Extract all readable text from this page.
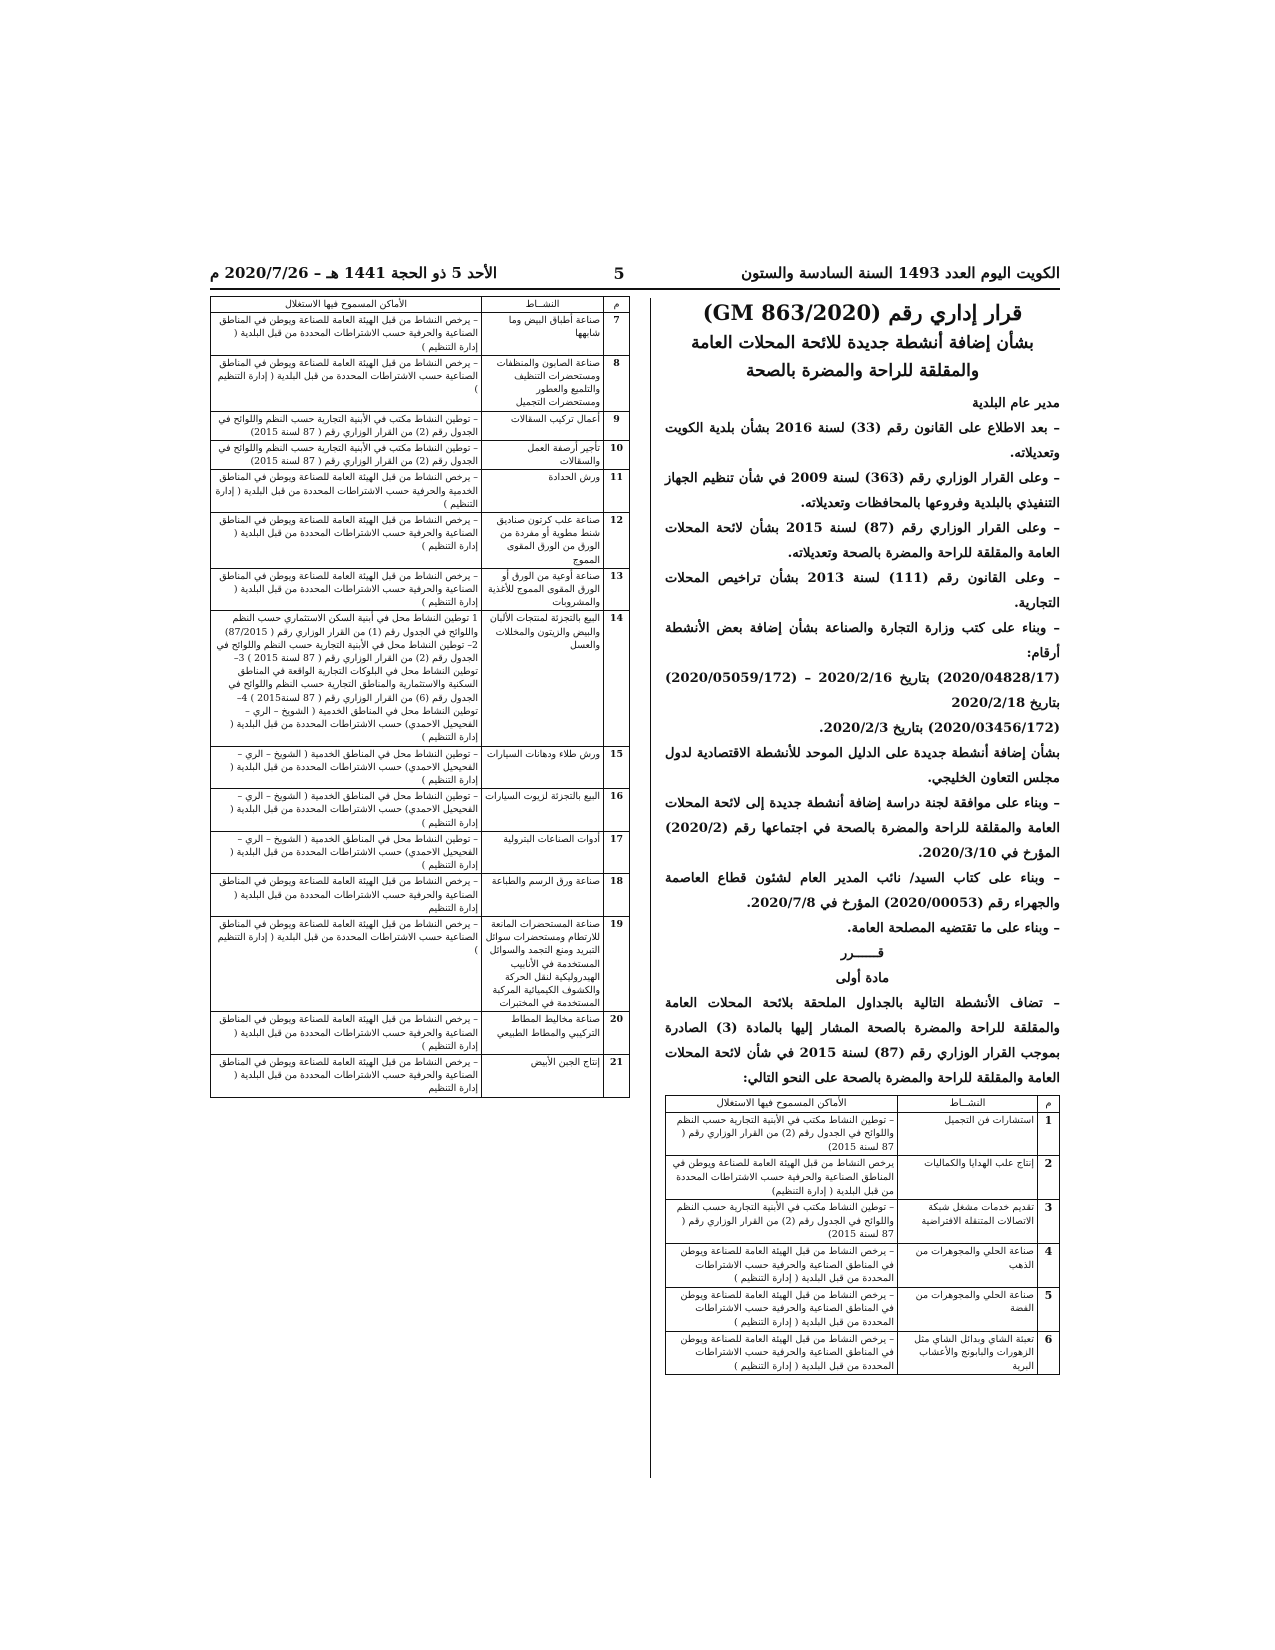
الكويت اليوم العدد 1493 السنة السادسة والستون
5
الأحد 5 ذو الحجة 1441 هـ – 2020/7/26 م
قرار إداري رقم (GM 863/2020)
بشأن إضافة أنشطة جديدة للائحة المحلات العامة
والمقلقة للراحة والمضرة بالصحة

مدير عام البلدية

– بعد الاطلاع على القانون رقم (33) لسنة 2016 بشأن بلدية الكويت وتعديلاته.

– وعلى القرار الوزاري رقم (363) لسنة 2009 في شأن تنظيم الجهاز التنفيذي بالبلدية وفروعها بالمحافظات وتعديلاته.

– وعلى القرار الوزاري رقم (87) لسنة 2015 بشأن لائحة المحلات العامة والمقلقة للراحة والمضرة بالصحة وتعديلاته.

– وعلى القانون رقم (111) لسنة 2013 بشأن تراخيص المحلات التجارية.

– وبناء على كتب وزارة التجارة والصناعة بشأن إضافة بعض الأنشطة أرقام:

(2020/04828/17) بتاريخ 2020/2/16 – (2020/05059/172) بتاريخ 2020/2/18

(2020/03456/172) بتاريخ 2020/2/3.

بشأن إضافة أنشطة جديدة على الدليل الموحد للأنشطة الاقتصادية لدول مجلس التعاون الخليجي.

– وبناء على موافقة لجنة دراسة إضافة أنشطة جديدة إلى لائحة المحلات العامة والمقلقة للراحة والمضرة بالصحة في اجتماعها رقم (2020/2) المؤرخ في 2020/3/10.

– وبناء على كتاب السيد/ نائب المدير العام لشئون قطاع العاصمة والجهراء رقم (2020/00053) المؤرخ في 2020/7/8.

– وبناء على ما تقتضيه المصلحة العامة.

قــــــرر

مادة أولى

– تضاف الأنشطة التالية بالجداول الملحقة بلائحة المحلات العامة والمقلقة للراحة والمضرة بالصحة المشار إليها بالمادة (3) الصادرة بموجب القرار الوزاري رقم (87) لسنة 2015 في شأن لائحة المحلات العامة والمقلقة للراحة والمضرة بالصحة على النحو التالي:

م	النشــاط	الأماكن المسموح فيها الاستغلال
1	استشارات فن التجميل	– توطين النشاط مكتب في الأبنية التجارية حسب النظم واللوائح في الجدول رقم (2) من القرار الوزاري رقم ( 87 لسنة 2015)
2	إنتاج علب الهدايا والكماليات	يرخص النشاط من قبل الهيئة العامة للصناعة ويوطن في المناطق الصناعية والحرفية حسب الاشتراطات المحددة من قبل البلدية ( إدارة التنظيم)
3	تقديم خدمات مشغل شبكة الاتصالات المتنقلة الافتراضية	– توطين النشاط مكتب في الأبنية التجارية حسب النظم واللوائح في الجدول رقم (2) من القرار الوزاري رقم ( 87 لسنة 2015)
4	صناعة الحلي والمجوهرات من الذهب	– يرخص النشاط من قبل الهيئة العامة للصناعة ويوطن في المناطق الصناعية والحرفية حسب الاشتراطات المحددة من قبل البلدية ( إدارة التنظيم )
5	صناعة الحلي والمجوهرات من الفضة	– يرخص النشاط من قبل الهيئة العامة للصناعة ويوطن في المناطق الصناعية والحرفية حسب الاشتراطات المحددة من قبل البلدية ( إدارة التنظيم )
6	تعبئة الشاي وبدائل الشاي مثل الزهورات والبابونج والأعشاب البرية	– يرخص النشاط من قبل الهيئة العامة للصناعة ويوطن في المناطق الصناعية والحرفية حسب الاشتراطات المحددة من قبل البلدية ( إدارة التنظيم )
م	النشــاط	الأماكن المسموح فيها الاستغلال
7	صناعة أطباق البيض وما شابهها	– يرخص النشاط من قبل الهيئة العامة للصناعة ويوطن في المناطق الصناعية والحرفية حسب الاشتراطات المحددة من قبل البلدية ( إدارة التنظيم )
8	صناعة الصابون والمنظفات ومستحضرات التنظيف والتلميع والعطور ومستحضرات التجميل	– يرخص النشاط من قبل الهيئة العامة للصناعة ويوطن في المناطق الصناعية حسب الاشتراطات المحددة من قبل البلدية ( إدارة التنظيم )
9	أعمال تركيب السقالات	– توطين النشاط مكتب في الأبنية التجارية حسب النظم واللوائح في الجدول رقم (2) من القرار الوزاري رقم ( 87 لسنة 2015)
10	تأجير أرصفة العمل والسقالات	– توطين النشاط مكتب في الأبنية التجارية حسب النظم واللوائح في الجدول رقم (2) من القرار الوزاري رقم ( 87 لسنة 2015)
11	ورش الحدادة	– يرخص النشاط من قبل الهيئة العامة للصناعة ويوطن في المناطق الخدمية والحرفية حسب الاشتراطات المحددة من قبل البلدية ( إدارة التنظيم )
12	صناعة علب كرتون صناديق شنط مطوية أو مفردة من الورق من الورق المقوى المموج	– يرخص النشاط من قبل الهيئة العامة للصناعة ويوطن في المناطق الصناعية والحرفية حسب الاشتراطات المحددة من قبل البلدية ( إدارة التنظيم )
13	صناعة أوعية من الورق أو الورق المقوى المموج للأغذية والمشروبات	– يرخص النشاط من قبل الهيئة العامة للصناعة ويوطن في المناطق الصناعية والحرفية حسب الاشتراطات المحددة من قبل البلدية ( إدارة التنظيم )
14	البيع بالتجزئة لمنتجات الألبان والبيض والزيتون والمخللات والعسل	1 توطين النشاط محل في أبنية السكن الاستثماري حسب النظم واللوائح في الجدول رقم (1) من القرار الوزاري رقم ( 87/2015) 2– توطين النشاط محل في الأبنية التجارية حسب النظم واللوائح في الجدول رقم (2) من القرار الوزاري رقم ( 87 لسنة 2015 ) 3– توطين النشاط محل في البلوكات التجارية الواقعة في المناطق السكنية والاستثمارية والمناطق التجارية حسب النظم واللوائح في الجدول رقم (6) من القرار الوزاري رقم ( 87 لسنة2015 ) 4– توطين النشاط محل في المناطق الخدمية ( الشويخ – الري – الفحيحيل الاحمدي) حسب الاشتراطات المحددة من قبل البلدية ( إدارة التنظيم )
15	ورش طلاء ودهانات السيارات	– توطين النشاط محل في المناطق الخدمية ( الشويخ – الري – الفحيحيل الاحمدي) حسب الاشتراطات المحددة من قبل البلدية ( إدارة التنظيم )
16	البيع بالتجزئة لزيوت السيارات	– توطين النشاط محل في المناطق الخدمية ( الشويخ – الري – الفحيحيل الاحمدي) حسب الاشتراطات المحددة من قبل البلدية ( إدارة التنظيم )
17	أدوات الصناعات البترولية	– توطين النشاط محل في المناطق الخدمية ( الشويخ – الري – الفحيحيل الاحمدي) حسب الاشتراطات المحددة من قبل البلدية ( إدارة التنظيم )
18	صناعة ورق الرسم والطباعة	– يرخص النشاط من قبل الهيئة العامة للصناعة ويوطن في المناطق الصناعية والحرفية حسب الاشتراطات المحددة من قبل البلدية ( إدارة التنظيم
19	صناعة المستحضرات المانعة للارتطام ومستحضرات سوائل التبريد ومنع التجمد والسوائل المستخدمة في الأنابيب الهيدروليكية لنقل الحركة والكشوف الكيميائية المركبة المستخدمة في المختبرات	– يرخص النشاط من قبل الهيئة العامة للصناعة ويوطن في المناطق الصناعية حسب الاشتراطات المحددة من قبل البلدية ( إدارة التنظيم )
20	صناعة مخاليط المطاط التركيبي والمطاط الطبيعي	– يرخص النشاط من قبل الهيئة العامة للصناعة ويوطن في المناطق الصناعية والحرفية حسب الاشتراطات المحددة من قبل البلدية ( إدارة التنظيم )
21	إنتاج الجبن الأبيض	– يرخص النشاط من قبل الهيئة العامة للصناعة ويوطن في المناطق الصناعية والحرفية حسب الاشتراطات المحددة من قبل البلدية ( إدارة التنظيم
